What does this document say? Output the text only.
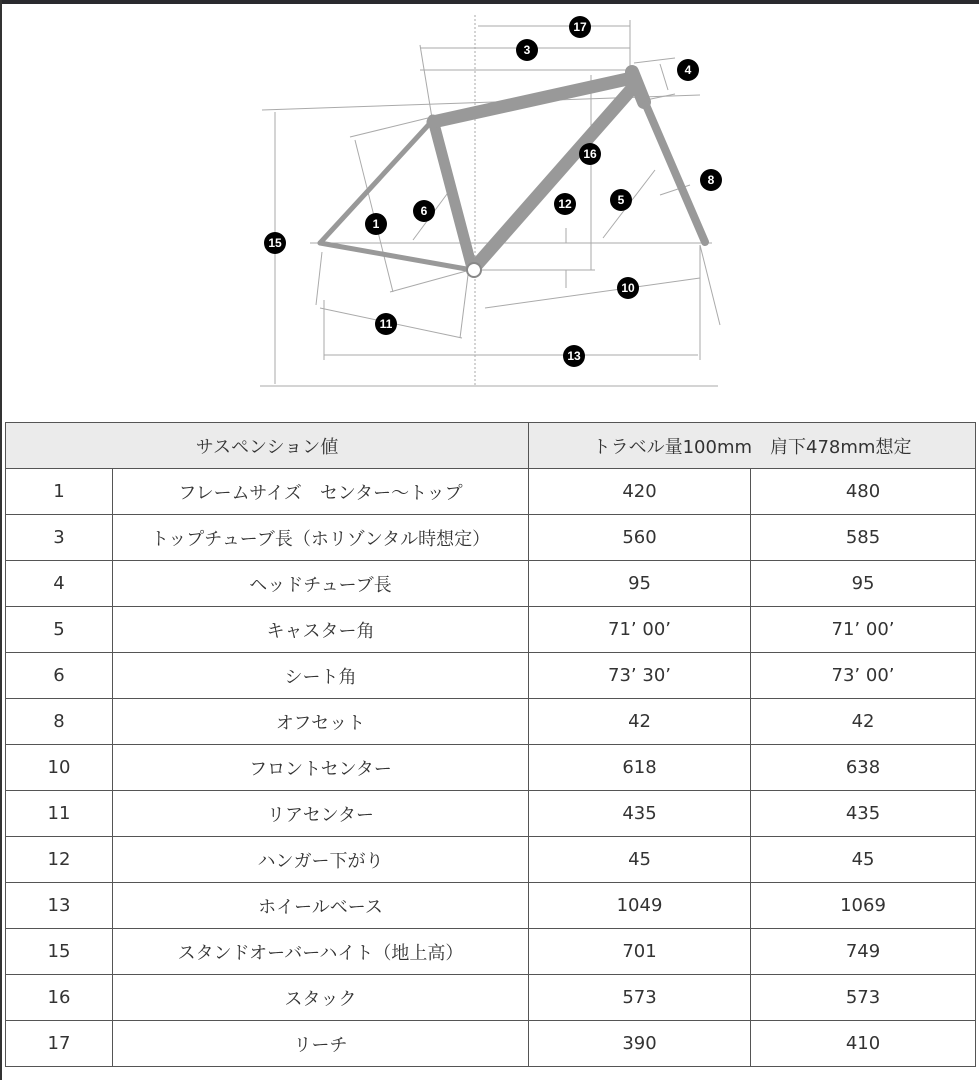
17
3
4
16
8
5
6	12
1
15
10
11
13
サスペンション値		トラベル量100mm　肩下478mm想定	
1	フレームサイズ　センター〜トップ	420	480
3	トップチューブ長（ホリゾンタル時想定）	560	585
4	ヘッドチューブ長	95	95
5	キャスター角	71’ 00’	71’ 00’
6	シート角	73’ 30’	73’ 00’
8	オフセット	42	42
10	フロントセンター	618	638
11	リアセンター	435	435
12	ハンガー下がり	45	45
13	ホイールベース	1049	1069
15	スタンドオーバーハイト（地上高）	701	749
16	スタック	573	573
17	リーチ	390	410
